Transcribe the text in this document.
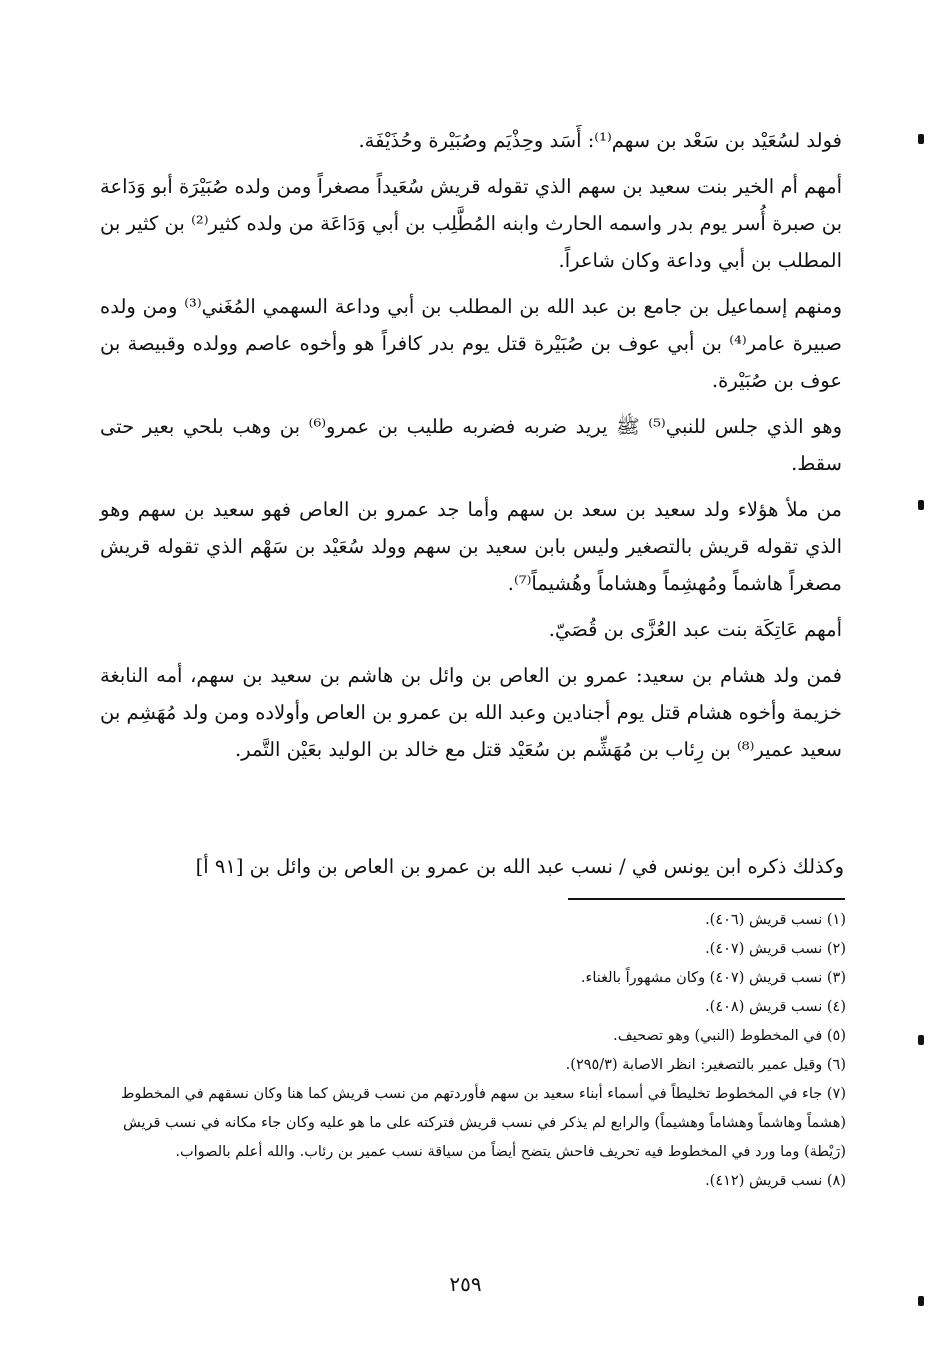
فولد لسُعَيْد بن سَعْد بن سهم⁽¹⁾: أَسَد وحِذْيَم وصُبَيْرة وحُذَيْفَة.

أمهم أم الخير بنت سعيد بن سهم الذي تقوله قريش سُعَيداً مصغراً ومن ولده صُبَيْرَة أبو وَدَاعة بن صبرة أُسر يوم بدر واسمه الحارث وابنه المُطَّلِب بن أبي وَدَاعَة من ولده كثير⁽²⁾ بن كثير بن المطلب بن أبي وداعة وكان شاعراً.

ومنهم إسماعيل بن جامع بن عبد الله بن المطلب بن أبي وداعة السهمي المُغَني⁽³⁾ ومن ولده صبيرة عامر⁽⁴⁾ بن أبي عوف بن صُبَيْرة قتل يوم بدر كافراً هو وأخوه عاصم وولده وقبيصة بن عوف بن صُبَيْرة.

وهو الذي جلس للنبي⁽⁵⁾ ﷺ يريد ضربه فضربه طليب بن عمرو⁽⁶⁾ بن وهب بلحي بعير حتى سقط.

من ملأ هؤلاء ولد سعيد بن سعد بن سهم وأما جد عمرو بن العاص فهو سعيد بن سهم وهو الذي تقوله قريش بالتصغير وليس بابن سعيد بن سهم وولد سُعَيْد بن سَهْم الذي تقوله قريش مصغراً هاشماً ومُهشِماً وهشاماً وهُشيماً⁽⁷⁾.

أمهم عَاتِكَة بنت عبد العُزَّى بن قُصَيّ.

فمن ولد هشام بن سعيد: عمرو بن العاص بن وائل بن هاشم بن سعيد بن سهم، أمه النابغة خزيمة وأخوه هشام قتل يوم أجنادين وعبد الله بن عمرو بن العاص وأولاده ومن ولد مُهَشِم بن سعيد عمير⁽⁸⁾ بن رِئاب بن مُهَشِّم بن سُعَيْد قتل مع خالد بن الوليد بعَيْن التَّمر.

وكذلك ذكره ابن يونس في / نسب عبد الله بن عمرو بن العاص بن وائل بن [٩١ أ]

(١) نسب قريش (٤٠٦).

(٢) نسب قريش (٤٠٧).

(٣) نسب قريش (٤٠٧) وكان مشهوراً بالغناء.

(٤) نسب قريش (٤٠٨).

(٥) في المخطوط (النبي) وهو تصحيف.

(٦) وقيل عمير بالتصغير: انظر الاصابة (٢٩٥/٣).

(٧) جاء في المخطوط تخليطاً في أسماء أبناء سعيد بن سهم فأوردتهم من نسب قريش كما هنا وكان نسقهم في المخطوط (هشماً وهاشماً وهشاماً وهشيماً) والرابع لم يذكر في نسب قريش فتركته على ما هو عليه وكان جاء مكانه في نسب قريش (رَيْطة) وما ورد في المخطوط فيه تحريف فاحش يتضح أيضاً من سياقة نسب عمير بن رئاب. والله أعلم بالصواب.

(٨) نسب قريش (٤١٢).

٢٥٩
